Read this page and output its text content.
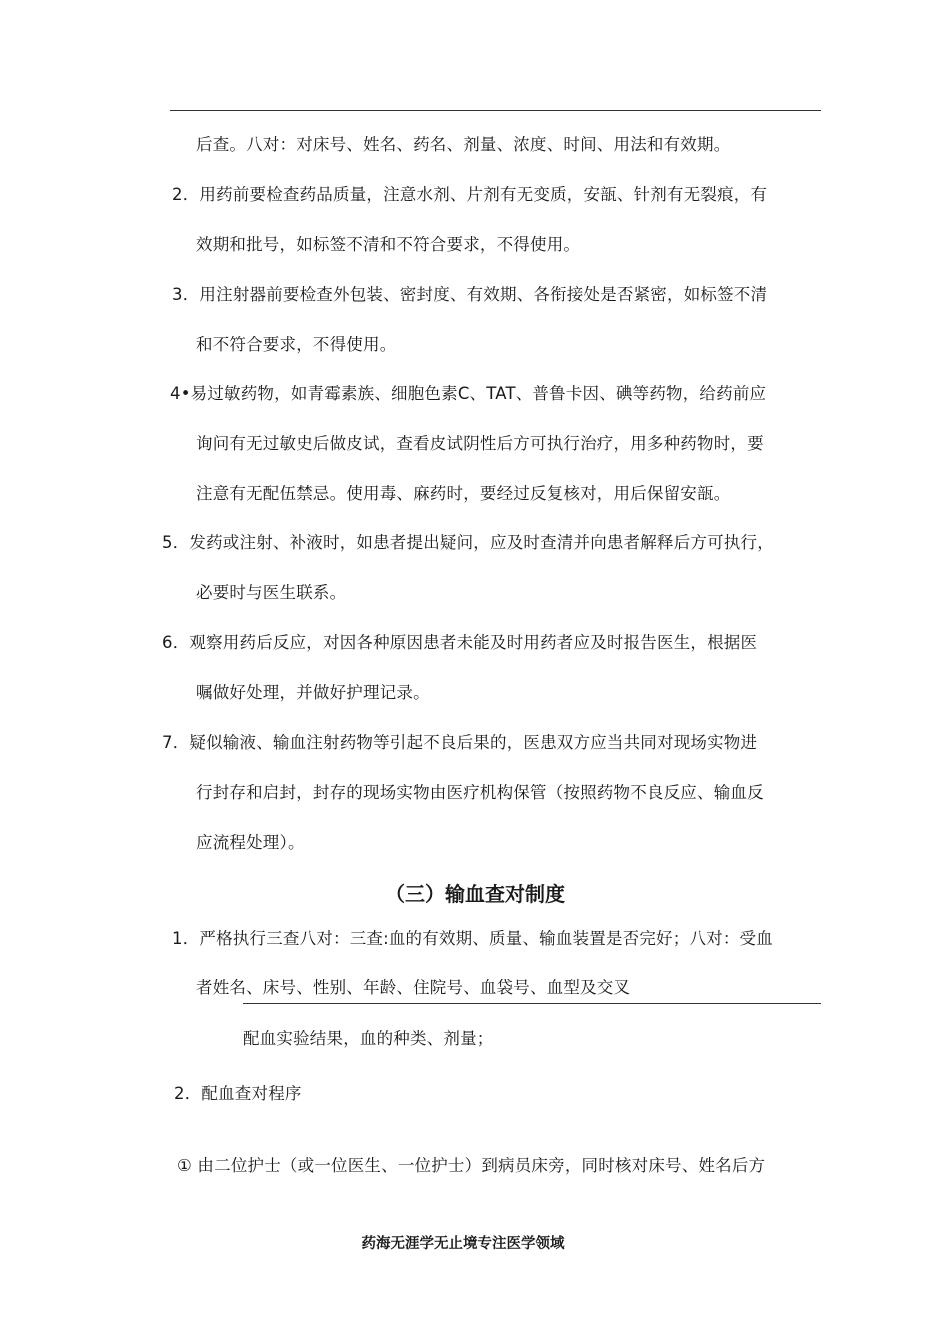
后查。八对：对床号、姓名、药名、剂量、浓度、时间、用法和有效期。
2．用药前要检查药品质量，注意水剂、片剂有无变质，安瓿、针剂有无裂痕，有
效期和批号，如标签不清和不符合要求，不得使用。
3．用注射器前要检查外包装、密封度、有效期、各衔接处是否紧密，如标签不清
和不符合要求，不得使用。
4•易过敏药物，如青霉素族、细胞色素C、TAT、普鲁卡因、碘等药物，给药前应
询问有无过敏史后做皮试，查看皮试阴性后方可执行治疗，用多种药物时，要
注意有无配伍禁忌。使用毒、麻药时，要经过反复核对，用后保留安瓿。
5．发药或注射、补液时，如患者提出疑问，应及时查清并向患者解释后方可执行，
必要时与医生联系。
6．观察用药后反应，对因各种原因患者未能及时用药者应及时报告医生，根据医
嘱做好处理，并做好护理记录。
7．疑似输液、输血注射药物等引起不良后果的，医患双方应当共同对现场实物进
行封存和启封，封存的现场实物由医疗机构保管（按照药物不良反应、输血反
应流程处理）。
（三）输血查对制度
1．严格执行三查八对：三查:血的有效期、质量、输血装置是否完好；八对：受血
者姓名、床号、性别、年龄、住院号、血袋号、血型及交叉
配血实验结果，血的种类、剂量；
2．配血查对程序
① 由二位护士（或一位医生、一位护士）到病员床旁，同时核对床号、姓名后方
药海无涯学无止境专注医学领域
